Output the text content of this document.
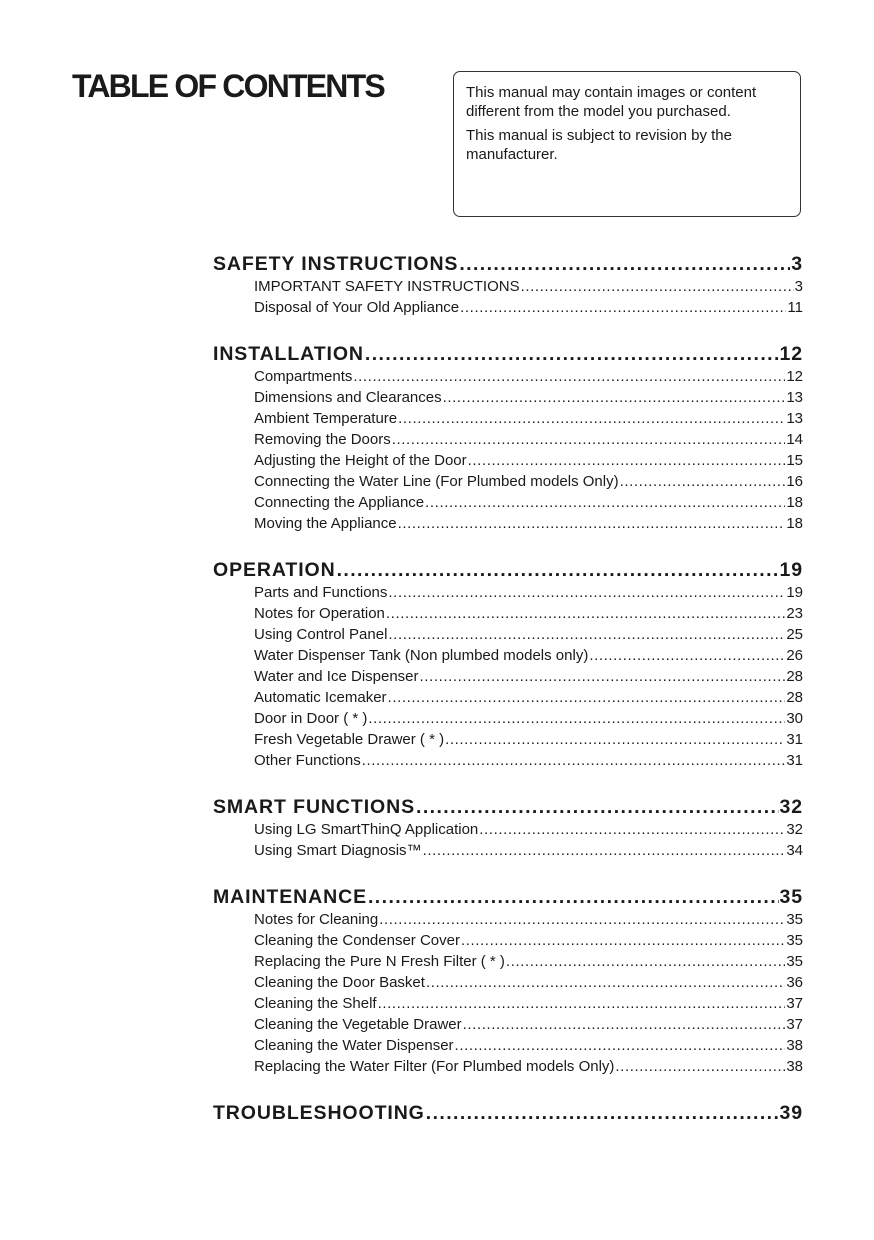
TABLE OF CONTENTS	This manual may contain images or content different from the model you purchased.

This manual is subject to revision by the manufacturer.

SAFETY INSTRUCTIONS .....	3
IMPORTANT SAFETY INSTRUCTIONS .....	3
Disposal of Your Old Appliance .....	11
INSTALLATION .....	12
Compartments .....	12
Dimensions and Clearances .....	13
Ambient Temperature .....	13
Removing the Doors .....	14
Adjusting the Height of the Door .....	15
Connecting the Water Line (For Plumbed models Only) .....	16
Connecting the Appliance .....	18
Moving the Appliance .....	18
OPERATION .....	19
Parts and Functions .....	19
Notes for Operation .....	23
Using Control Panel .....	25
Water Dispenser Tank (Non plumbed models only) .....	26
Water and Ice Dispenser .....	28
Automatic Icemaker .....	28
Door in Door ( * ) .....	30
Fresh Vegetable Drawer ( * ) .....	31
Other Functions .....	31
SMART FUNCTIONS .....	32
Using LG SmartThinQ Application .....	32
Using Smart Diagnosis™ .....	34
MAINTENANCE .....	35
Notes for Cleaning .....	35
Cleaning the Condenser Cover .....	35
Replacing the Pure N Fresh Filter ( * ) .....	35
Cleaning the Door Basket .....	36
Cleaning the Shelf .....	37
Cleaning the Vegetable Drawer .....	37
Cleaning the Water Dispenser .....	38
Replacing the Water Filter (For Plumbed models Only) .....	38
TROUBLESHOOTING .....	39
